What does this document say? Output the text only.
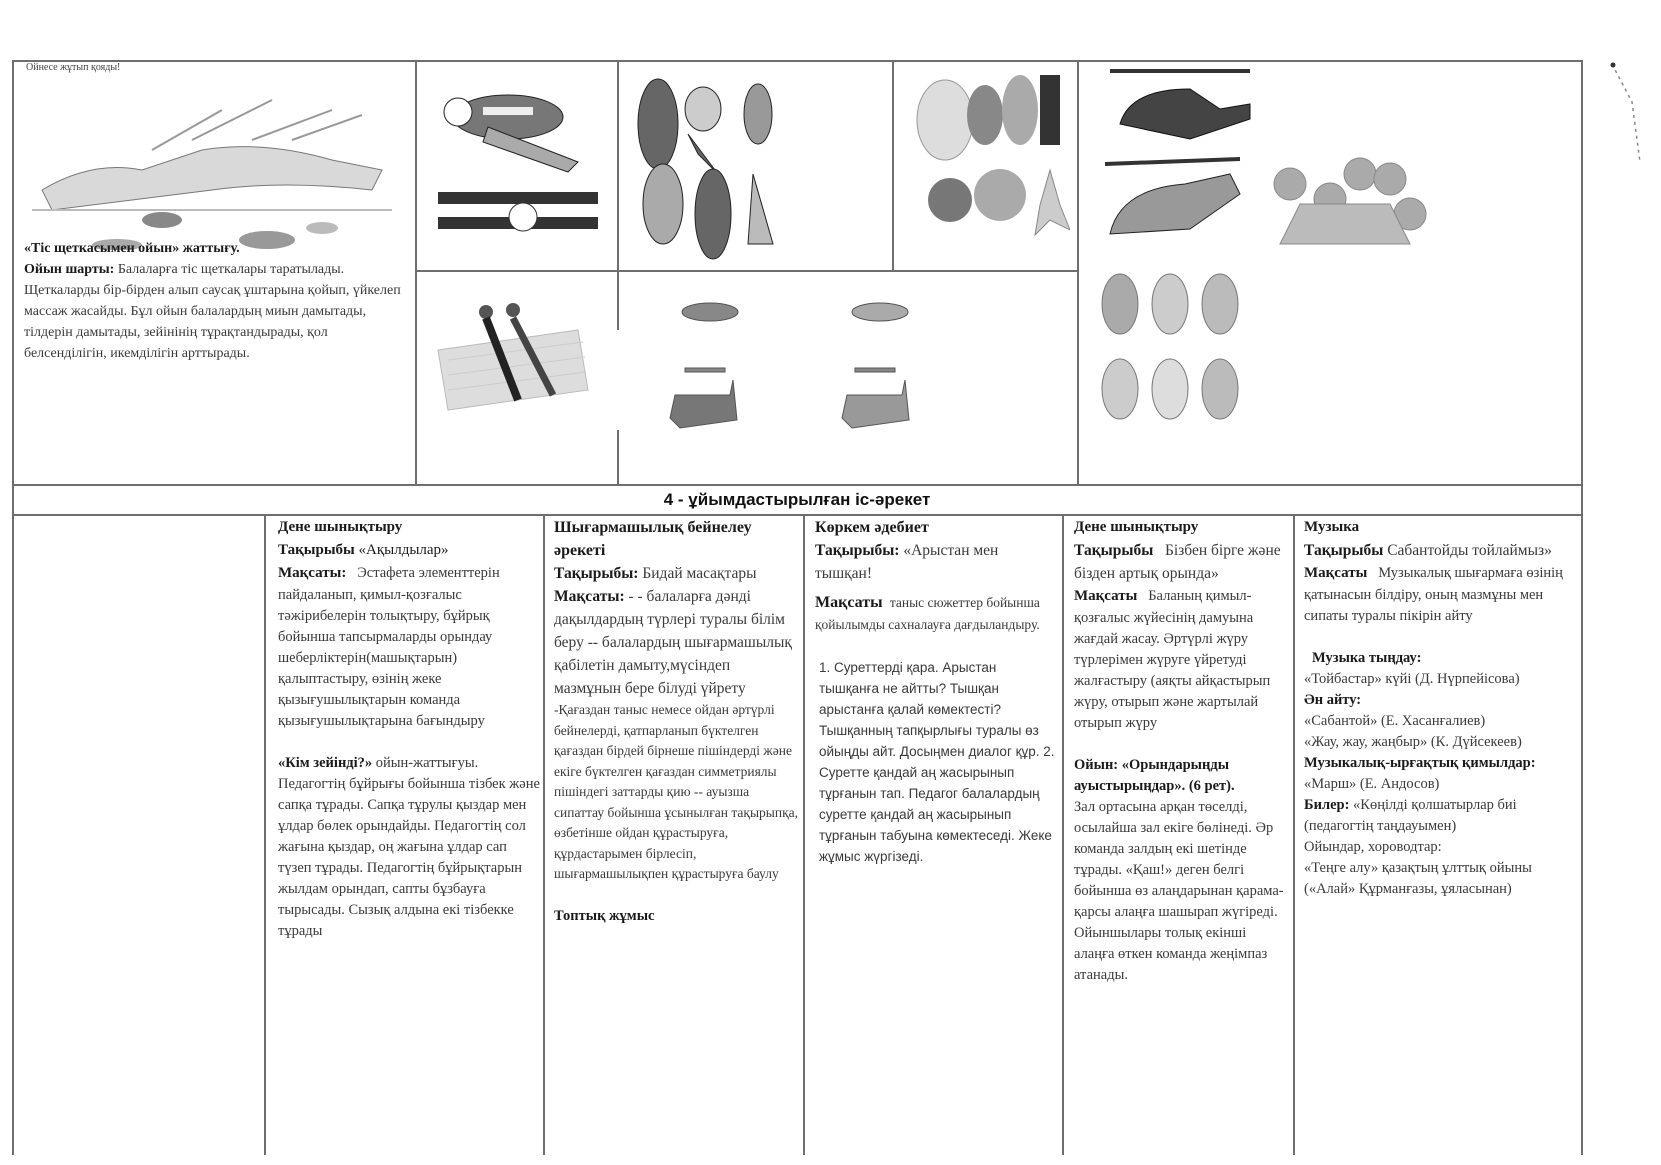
Ойнесе жұтып қояды!

«Тіс щеткасымен ойын» жаттығу.

Ойын шарты: Балаларға тіс щеткалары таратылады. Щеткаларды бір-бірден алып саусақ ұштарына қойып, үйкелеп массаж жасайды. Бұл ойын балалардың миын дамытады, тілдерін дамытады, зейінінің тұрақтандырады, қол белсенділігін, икемділігін арттырады.

4 - ұйымдастырылған іс-әрекет

Дене шынықтыру

Тақырыбы «Ақылдылар»

Мақсаты: Эстафета элементтерін пайдаланып, қимыл-қозғалыс тәжірибелерін толықтыру, бұйрық бойынша тапсырмаларды орындау шеберліктерін(машықтарын) қалыптастыру, өзінің жеке қызығушылықтарын командa қызығушылықтарына бағындыру

«Кім зейінді?» ойын-жаттығуы. Педагогтің бұйрығы бойынша тізбек және сапқа тұрады. Сапқа тұрулы қыздар мен ұлдар бөлек орындайды. Педагогтің сол жағына қыздар, оң жағына ұлдар сап түзеп тұрады. Педагогтің бұйрықтарын жылдам орындап, сапты бұзбауға тырысады. Сызық алдына екі тізбекке тұрады

Шығармашылық бейнелеу әрекеті

Тақырыбы: Бидай масақтары

Мақсаты: - - балаларға дәнді дақылдардың түрлері туралы білім беру -- балалардың шығармашылық қабілетін дамыту,мүсіндеп мазмұнын бере білуді үйрету

-Қағаздан таныс немесе ойдан әртүрлі бейнелерді, қатпарланып бүктелген қағаздан бірдей бірнеше пішіндерді және екіге бүктелген қағаздан симметриялы пішіндегі заттарды қию -- ауызша сипаттау бойынша ұсынылған тақырыпқа, өзбетінше ойдан құрастыруға, құрдастарымен бірлесіп, шығармашылықпен құрастыруға баулу

Топтық жұмыс

Көркем әдебиет

Тақырыбы: «Арыстан мен тышқан!

Мақсаты таныс сюжеттер бойынша қойылымды сахналауға дағдыландыру.

1. Суреттерді қара. Арыстан тышқанға не айтты? Тышқан арыстанға қалай көмектесті? Тышқанның тапқырлығы туралы өз ойыңды айт. Досыңмен диалог құр. 2. Суретте қандай аң жасырынып тұрғанын тап. Педагог балалардың суретте қандай аң жасырынып тұрғанын табуына көмектеседі. Жеке жұмыс жүргізеді.

Дене шынықтыру

Тақырыбы Бізбен бірге және бізден артық орында»

Мақсаты Баланың қимыл-қозғалыс жүйесінің дамуына жағдай жасау. Әртүрлі жүру түрлерімен жүруге үйретуді жалғастыру (аяқты айқастырып жүру, отырып және жартылай отырып жүру

Ойын: «Орындарыңды ауыстырыңдар». (6 рет).

Зал ортасына арқан төселді, осылайша зал екіге бөлінеді. Әр команда залдың екі шетінде тұрады. «Қаш!» деген белгі бойынша өз алаңдарынан қарама-қарсы алаңға шашырап жүгіреді. Ойыншылары толық екінші алаңға өткен команда жеңімпаз атанады.

Музыка

Тақырыбы Сабантойды тойлаймыз»

Мақсаты Музыкалық шығармаға өзінің қатынасын білдіру, оның мазмұны мен сипаты туралы пікірін айту

Музыка тыңдау:

«Тойбастар» күйі (Д. Нүрпейісова)

Ән айту:

«Сабантой» (Е. Хасанғалиев)

«Жау, жау, жаңбыр» (К. Дүйсекеев)

Музыкалық-ырғақтық қимылдар:

«Марш» (Е. Андосов)

Билер: «Көңілді қолшатырлар биі (педагогтің таңдауымен)

Ойындар, хороводтар:

«Теңге алу» қазақтың ұлттық ойыны («Алай» Құрманғазы, ұяласынан)
